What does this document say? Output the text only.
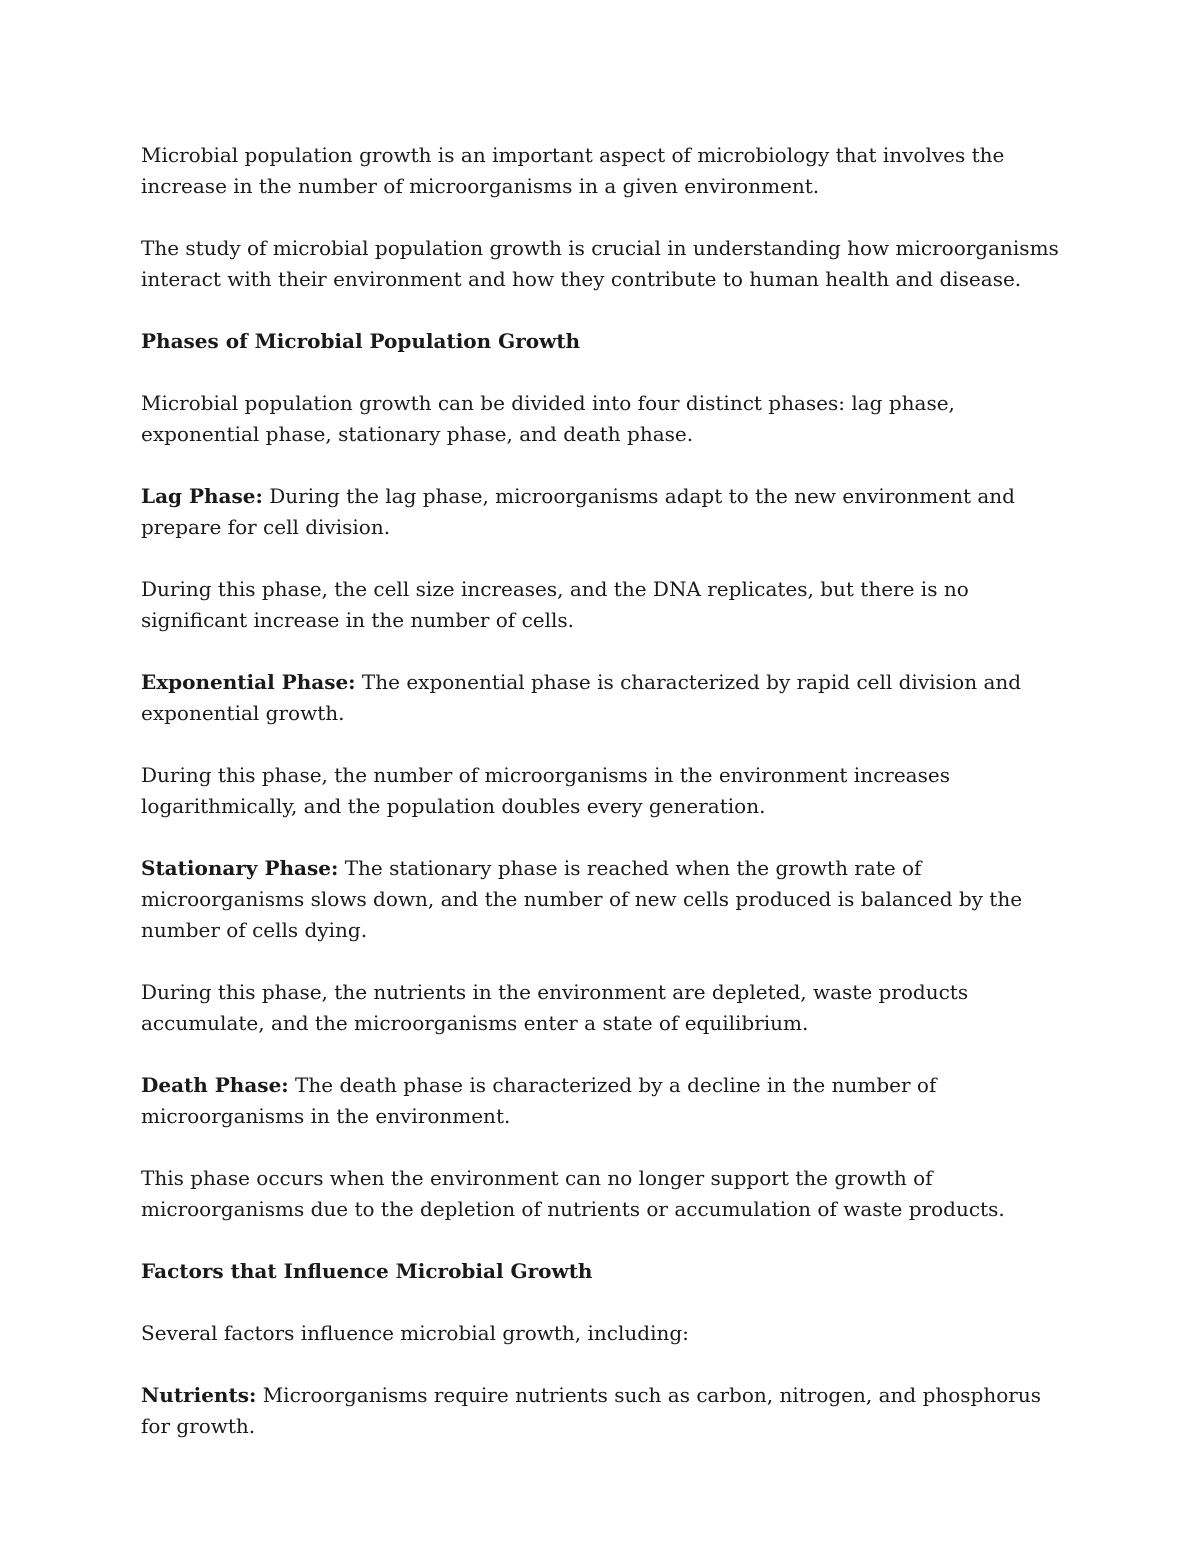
Microbial population growth is an important aspect of microbiology that involves the increase in the number of microorganisms in a given environment.

The study of microbial population growth is crucial in understanding how microorganisms interact with their environment and how they contribute to human health and disease.

Phases of Microbial Population Growth

Microbial population growth can be divided into four distinct phases: lag phase, exponential phase, stationary phase, and death phase.

Lag Phase: During the lag phase, microorganisms adapt to the new environment and prepare for cell division.

During this phase, the cell size increases, and the DNA replicates, but there is no significant increase in the number of cells.

Exponential Phase: The exponential phase is characterized by rapid cell division and exponential growth.

During this phase, the number of microorganisms in the environment increases logarithmically, and the population doubles every generation.

Stationary Phase: The stationary phase is reached when the growth rate of microorganisms slows down, and the number of new cells produced is balanced by the number of cells dying.

During this phase, the nutrients in the environment are depleted, waste products accumulate, and the microorganisms enter a state of equilibrium.

Death Phase: The death phase is characterized by a decline in the number of microorganisms in the environment.

This phase occurs when the environment can no longer support the growth of microorganisms due to the depletion of nutrients or accumulation of waste products.

Factors that Influence Microbial Growth

Several factors influence microbial growth, including:

Nutrients: Microorganisms require nutrients such as carbon, nitrogen, and phosphorus for growth.
